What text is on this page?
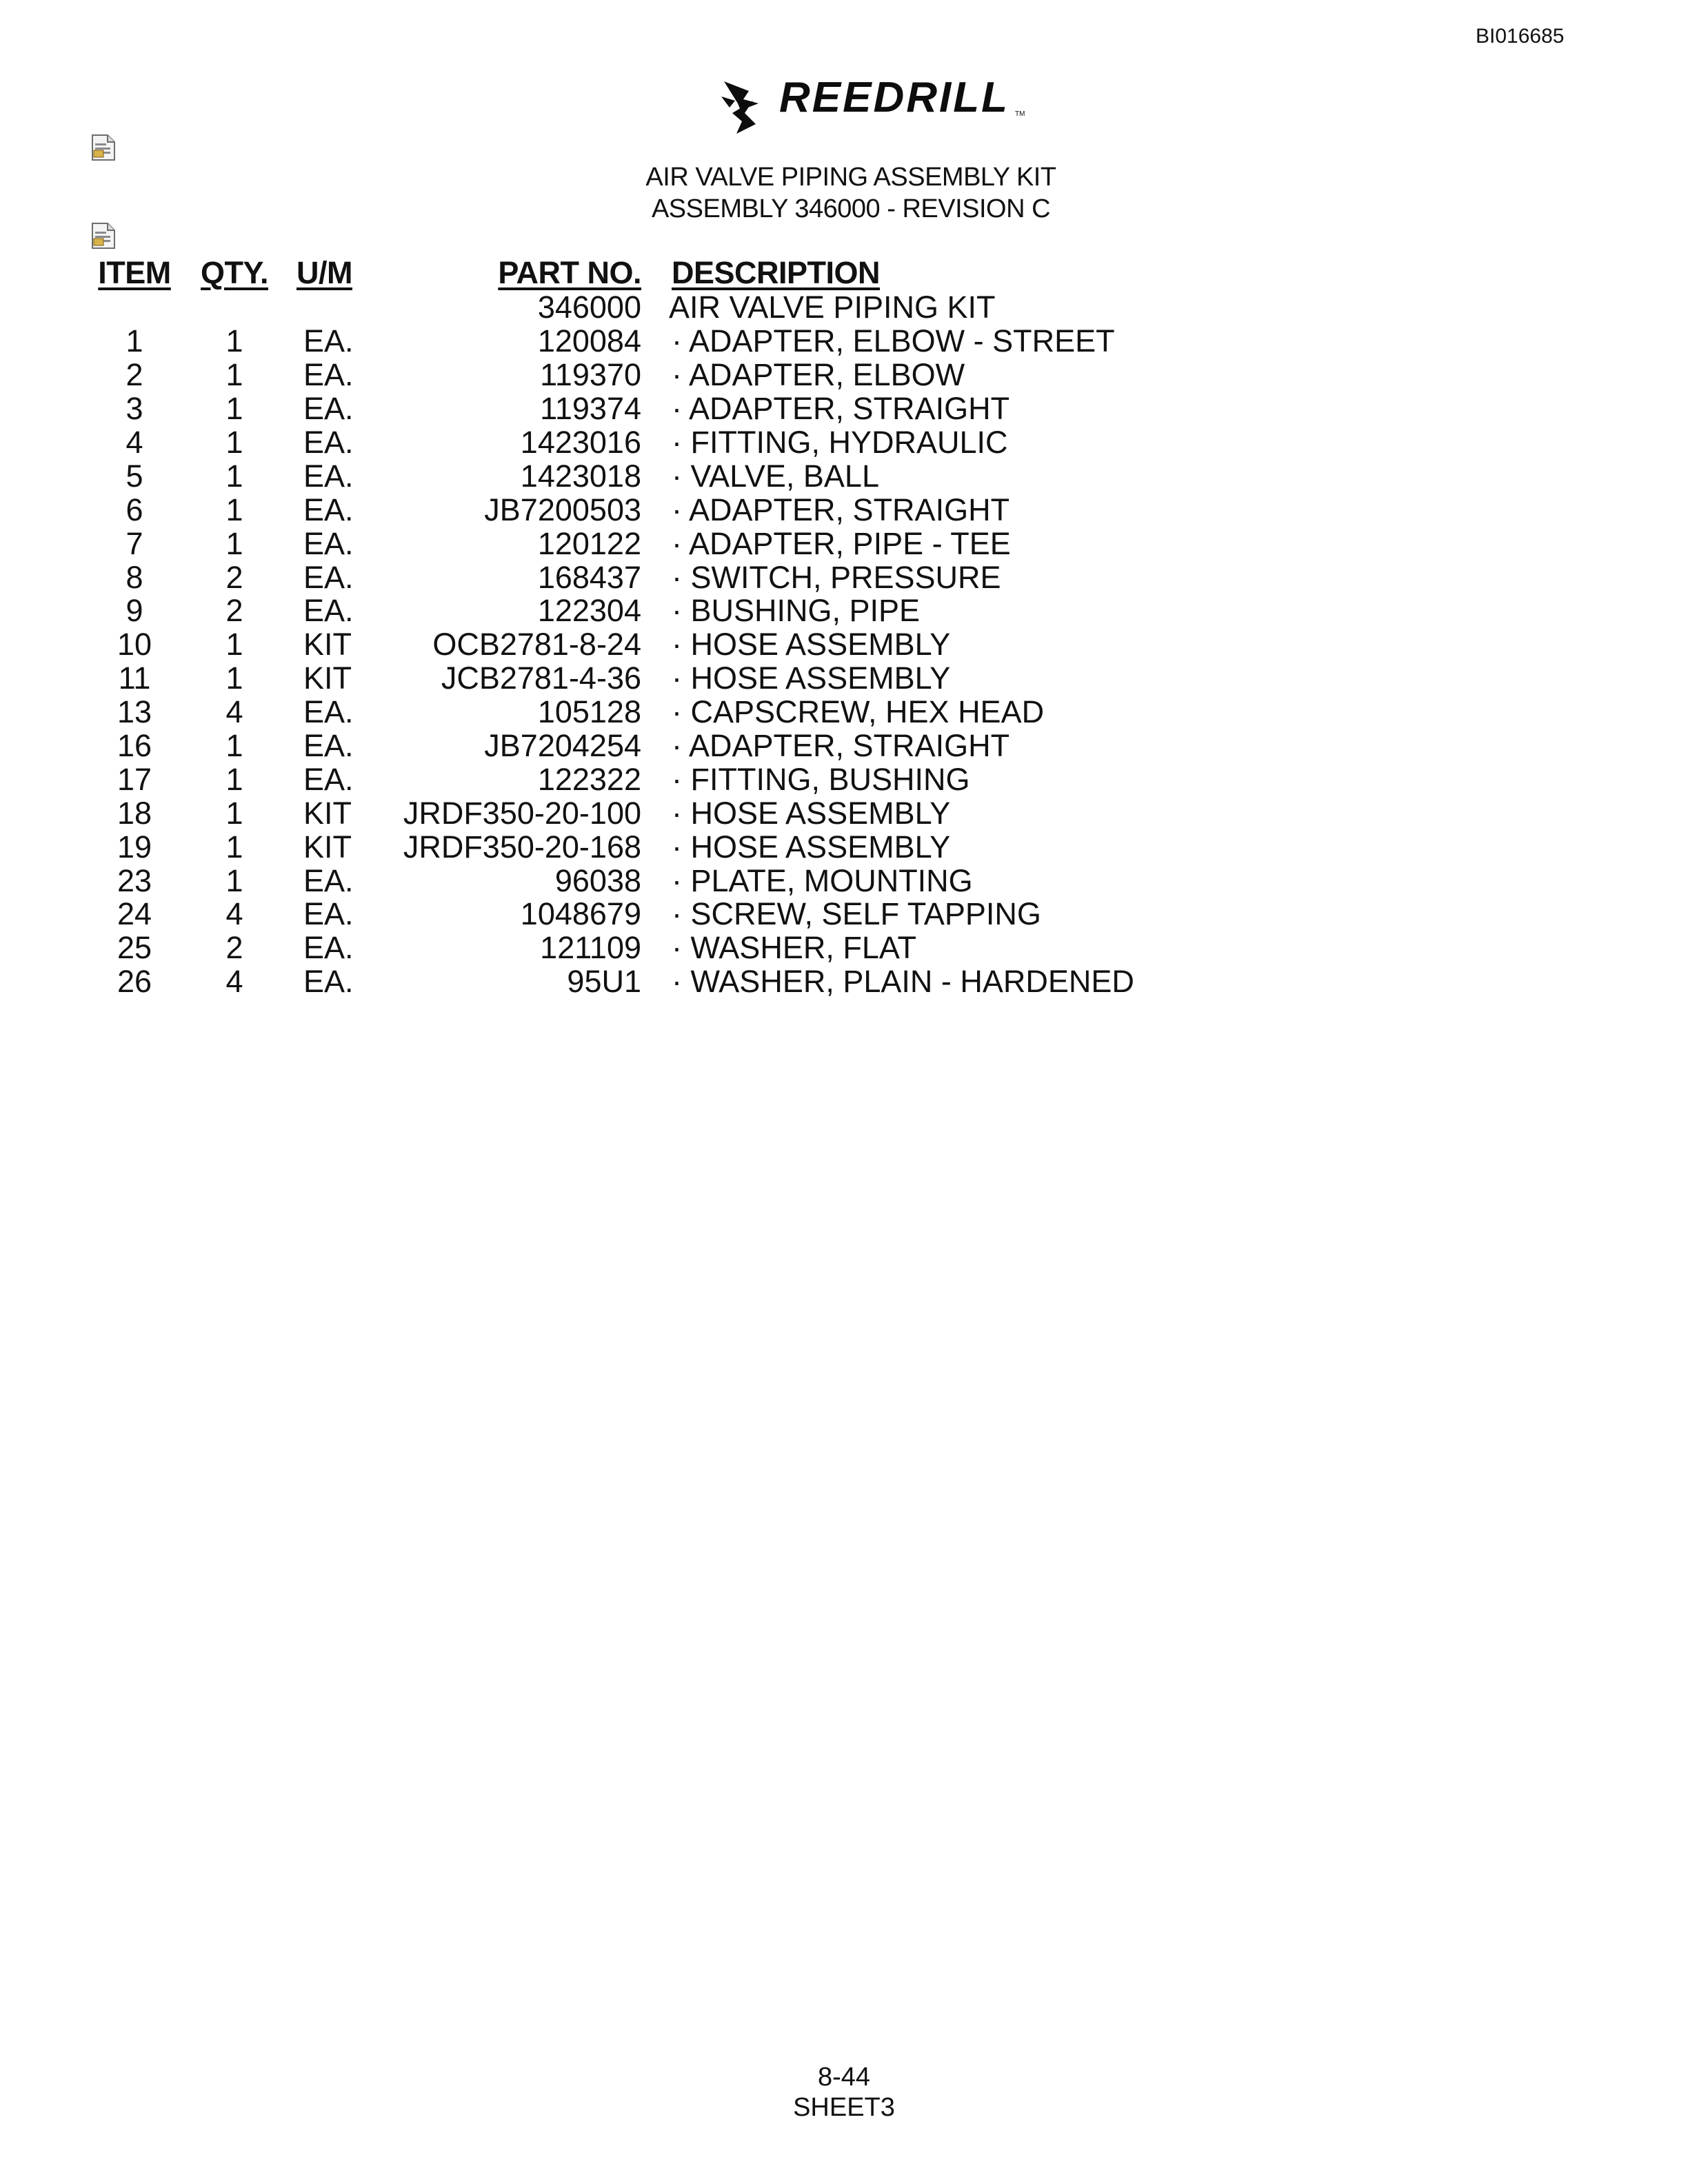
BI016685
REEDRILL TM
AIR VALVE PIPING ASSEMBLY KIT
ASSEMBLY 346000 - REVISION C
ITEM	QTY.	U/M	PART NO.	DESCRIPTION
			346000	AIR VALVE PIPING KIT
1	1	EA.	120084	· ADAPTER, ELBOW - STREET
2	1	EA.	119370	· ADAPTER, ELBOW
3	1	EA.	119374	· ADAPTER, STRAIGHT
4	1	EA.	1423016	· FITTING, HYDRAULIC
5	1	EA.	1423018	· VALVE, BALL
6	1	EA.	JB7200503	· ADAPTER, STRAIGHT
7	1	EA.	120122	· ADAPTER, PIPE - TEE
8	2	EA.	168437	· SWITCH, PRESSURE
9	2	EA.	122304	· BUSHING, PIPE
10	1	KIT	OCB2781-8-24	· HOSE ASSEMBLY
11	1	KIT	JCB2781-4-36	· HOSE ASSEMBLY
13	4	EA.	105128	· CAPSCREW, HEX HEAD
16	1	EA.	JB7204254	· ADAPTER, STRAIGHT
17	1	EA.	122322	· FITTING, BUSHING
18	1	KIT	JRDF350-20-100	· HOSE ASSEMBLY
19	1	KIT	JRDF350-20-168	· HOSE ASSEMBLY
23	1	EA.	96038	· PLATE, MOUNTING
24	4	EA.	1048679	· SCREW, SELF TAPPING
25	2	EA.	121109	· WASHER, FLAT
26	4	EA.	95U1	· WASHER, PLAIN - HARDENED
8-44
SHEET3
